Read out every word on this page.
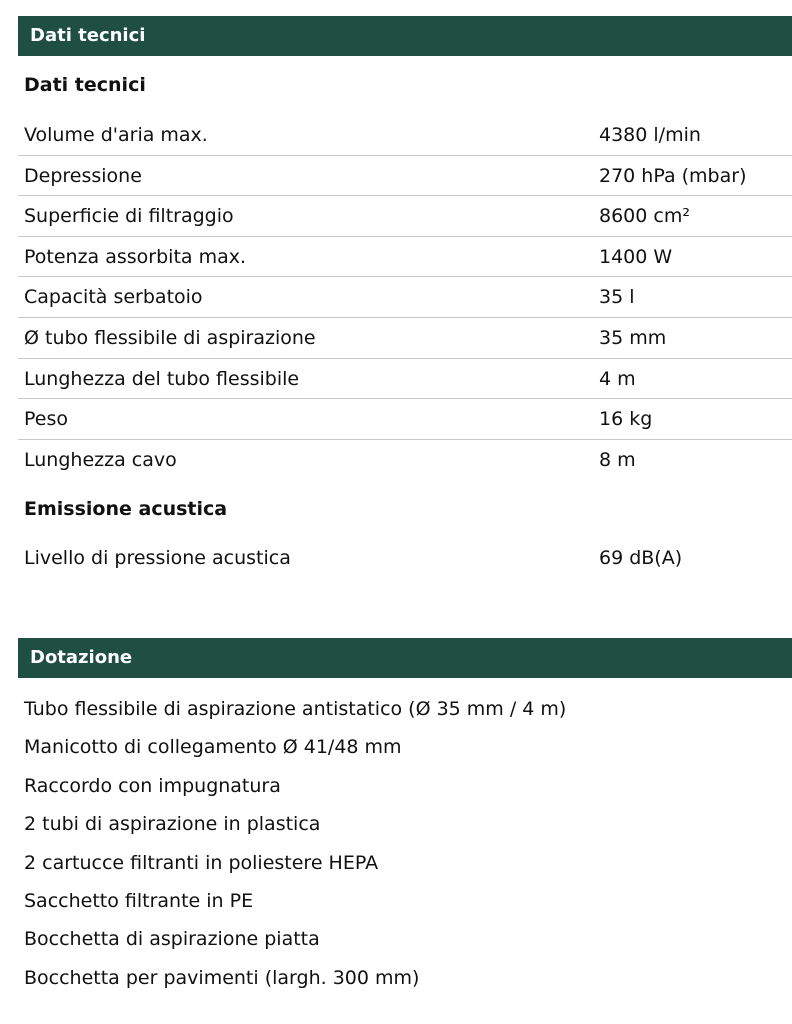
Dati tecnici
Dati tecnici
Volume d'aria max.	4380 l/min
Depressione	270 hPa (mbar)
Superficie di filtraggio	8600 cm²
Potenza assorbita max.	1400 W
Capacità serbatoio	35 l
Ø tubo flessibile di aspirazione	35 mm
Lunghezza del tubo flessibile	4 m
Peso	16 kg
Lunghezza cavo	8 m
Emissione acustica
Livello di pressione acustica	69 dB(A)
Dotazione
Tubo flessibile di aspirazione antistatico (Ø 35 mm / 4 m)
Manicotto di collegamento Ø 41/48 mm
Raccordo con impugnatura
2 tubi di aspirazione in plastica
2 cartucce filtranti in poliestere HEPA
Sacchetto filtrante in PE
Bocchetta di aspirazione piatta
Bocchetta per pavimenti (largh. 300 mm)
